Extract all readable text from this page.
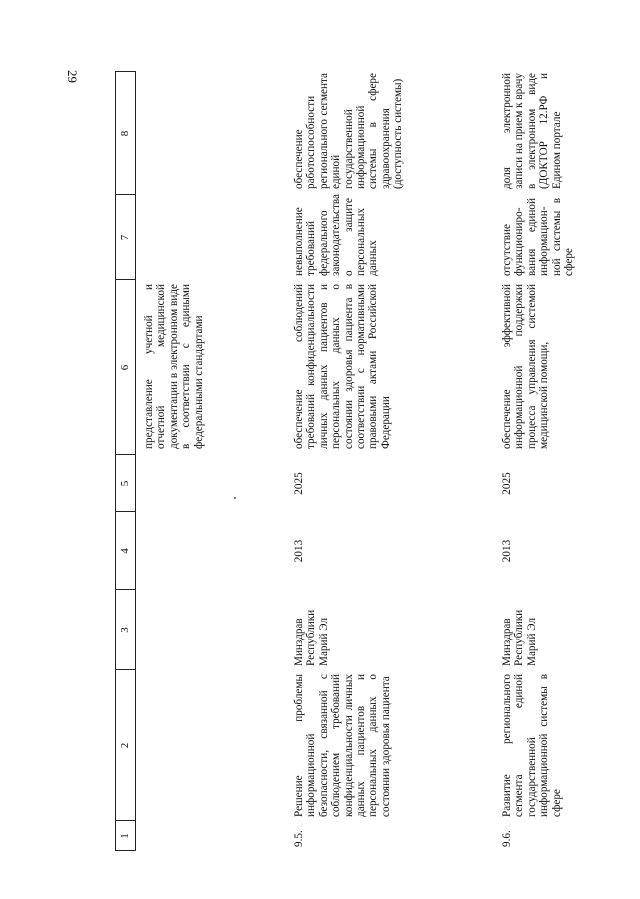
29
1
2
3
4
5
6
7
8
представление учетной и отчетной медицинской документации в электронном виде в соответствии с едиными федеральными стандартами
9.5.
Решение проблемы информационной безопасности, связанной с соблюдением требований конфиденциальности личных данных пациентов и персональных данных о состоянии здоровья пациента
Минздрав Республики Марий Эл
2013
2025
обеспечение соблюдений требований конфиденциальности личных данных пациентов и персональных данных о состоянии здоровья пациента в соответствии с нормативными правовыми актами Российской Федерации
невыполнение требований федерального законодательства о защите персональных данных
обеспечение работоспособности регионального сегмента единой государственной информационной системы в сфере здравоохранения (доступность системы)
9.6.
Развитие регионального сегмента единой государственной информационной системы в сфере
Минздрав Республики Марий Эл
2013
2025
обеспечение эффективной информационной поддержки процесса управления системой медицинской помощи,
отсутствие функциониро-вания единой информацион-ной системы в сфере
доля электронной записи на прием к врачу в электронном виде (ДОКТОР 12.РФ и Едином портале
